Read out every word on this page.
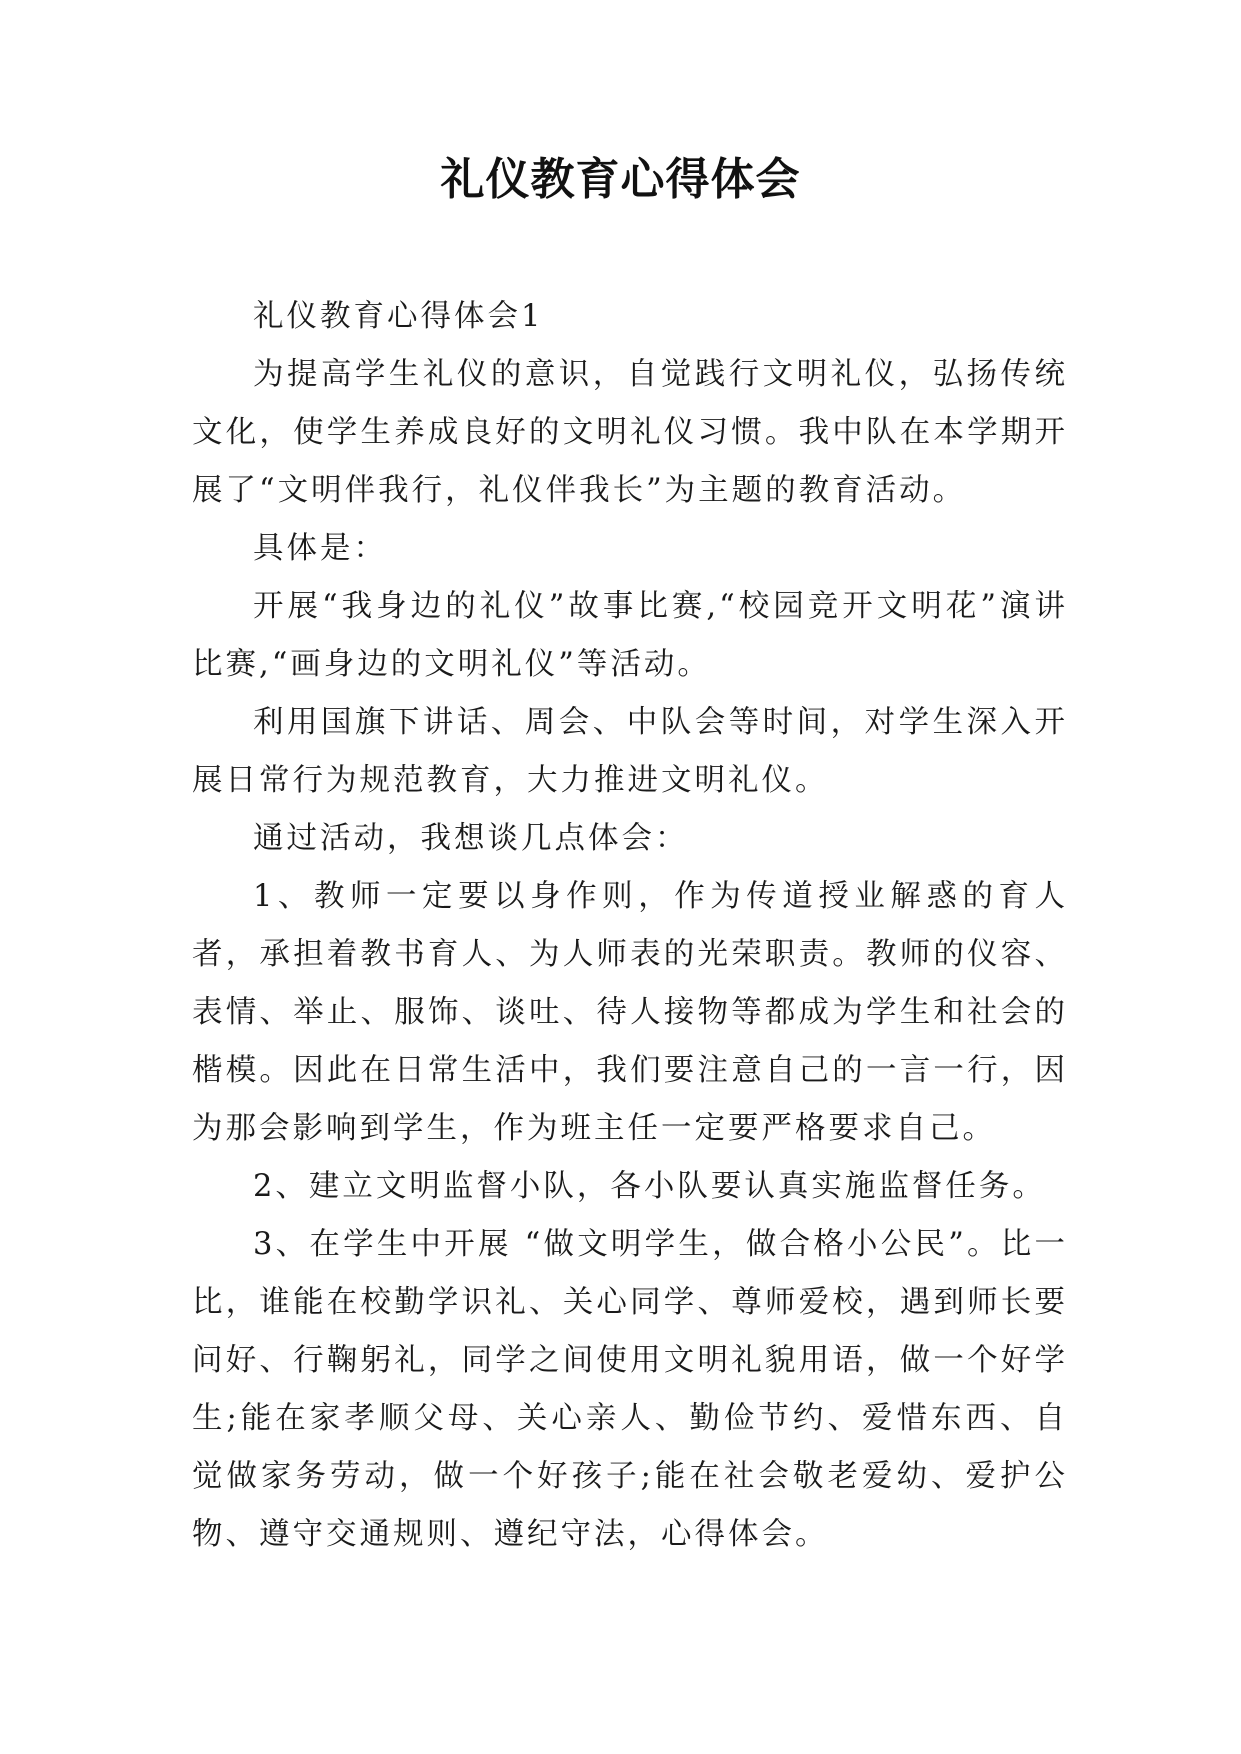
礼仪教育心得体会

礼仪教育心得体会1

为提高学生礼仪的意识，自觉践行文明礼仪，弘扬传统文化，使学生养成良好的文明礼仪习惯。我中队在本学期开展了“文明伴我行，礼仪伴我长”为主题的教育活动。

具体是：

开展“我身边的礼仪”故事比赛,“校园竞开文明花”演讲比赛,“画身边的文明礼仪”等活动。

利用国旗下讲话、周会、中队会等时间，对学生深入开展日常行为规范教育，大力推进文明礼仪。

通过活动，我想谈几点体会：

1、教师一定要以身作则，作为传道授业解惑的育人者，承担着教书育人、为人师表的光荣职责。教师的仪容、表情、举止、服饰、谈吐、待人接物等都成为学生和社会的楷模。因此在日常生活中，我们要注意自己的一言一行，因为那会影响到学生，作为班主任一定要严格要求自己。

2、建立文明监督小队，各小队要认真实施监督任务。

3、在学生中开展 “做文明学生，做合格小公民”。比一比，谁能在校勤学识礼、关心同学、尊师爱校，遇到师长要问好、行鞠躬礼，同学之间使用文明礼貌用语，做一个好学生;能在家孝顺父母、关心亲人、勤俭节约、爱惜东西、自觉做家务劳动，做一个好孩子;能在社会敬老爱幼、爱护公物、遵守交通规则、遵纪守法，心得体会。
